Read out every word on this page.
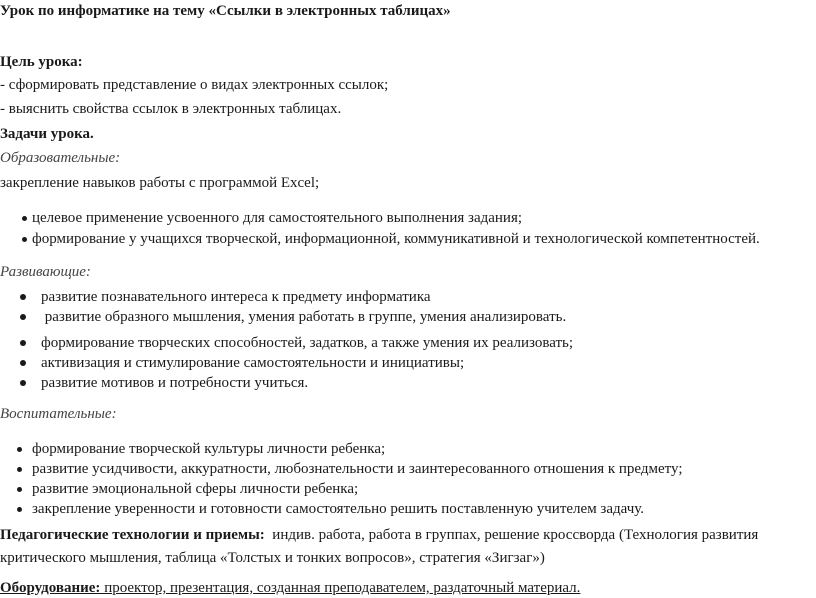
Урок по информатике на тему «Ссылки в электронных таблицах»
Цель урока:
- сформировать представление о видах электронных ссылок;
- выяснить свойства ссылок в электронных таблицах.
Задачи урока.
Образовательные:
закрепление навыков работы с программой Excel;
целевое применение усвоенного для самостоятельного выполнения задания;
формирование у учащихся творческой, информационной, коммуникативной и технологической компетентностей.
Развивающие:
развитие познавательного интереса к предмету информатика
развитие образного мышления, умения работать в группе, умения анализировать.
формирование творческих способностей, задатков, а также умения их реализовать;
активизация и стимулирование самостоятельности и инициативы;
развитие мотивов и потребности учиться.
Воспитательные:
формирование творческой культуры личности ребенка;
развитие усидчивости, аккуратности, любознательности и заинтересованного отношения к предмету;
развитие эмоциональной сферы личности ребенка;
закрепление уверенности и готовности самостоятельно решить поставленную учителем задачу.
Педагогические технологии и приемы:  индив. работа, работа в группах, решение кроссворда (Технология развития
критического мышления, таблица «Толстых и тонких вопросов», стратегия «Зигзаг»)
Оборудование: проектор, презентация, созданная преподавателем, раздаточный материал.
